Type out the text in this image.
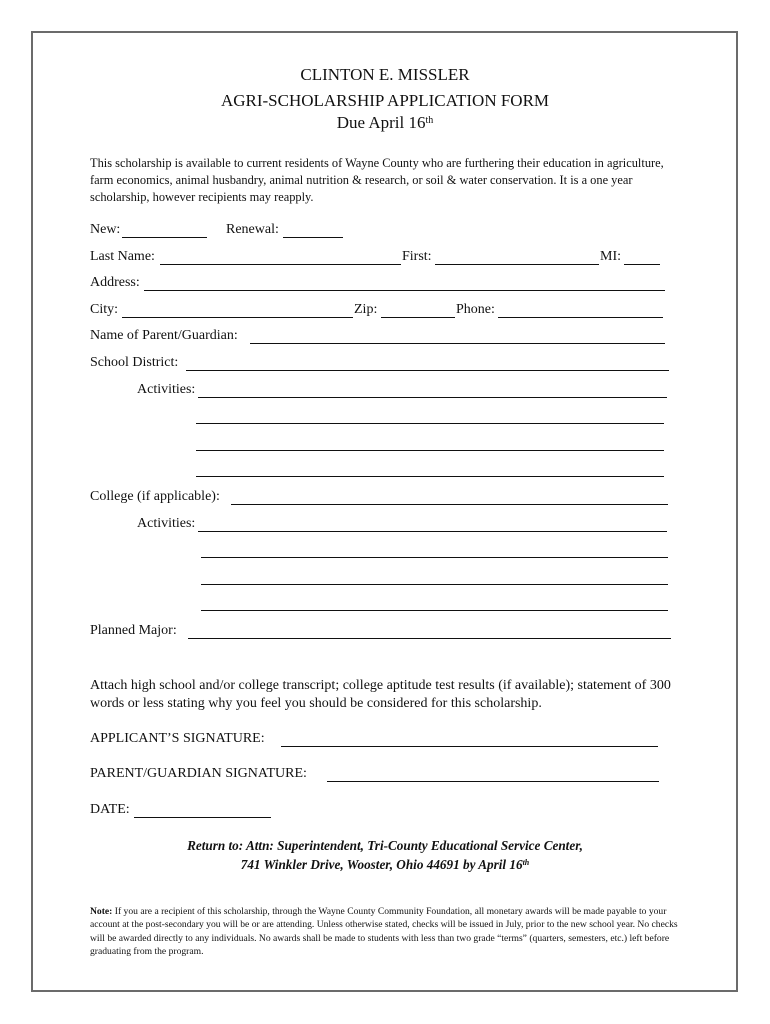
CLINTON E. MISSLER
AGRI-SCHOLARSHIP APPLICATION FORM
Due April 16th
This scholarship is available to current residents of Wayne County who are furthering their education in agriculture, farm economics, animal husbandry, animal nutrition & research, or soil & water conservation. It is a one year scholarship, however recipients may reapply.
New:	Renewal:
Last Name:	First:	MI:
Address:
City:	Zip:	Phone:
Name of Parent/Guardian:
School District:
Activities:
College (if applicable):
Activities:
Planned Major:
Attach high school and/or college transcript; college aptitude test results (if available); statement of 300 words or less stating why you feel you should be considered for this scholarship.
APPLICANT’S SIGNATURE:
PARENT/GUARDIAN SIGNATURE:
DATE:
Return to: Attn: Superintendent, Tri-County Educational Service Center,
741 Winkler Drive, Wooster, Ohio 44691 by April 16th
Note: If you are a recipient of this scholarship, through the Wayne County Community Foundation, all monetary awards will be made payable to your account at the post-secondary you will be or are attending. Unless otherwise stated, checks will be issued in July, prior to the new school year. No checks will be awarded directly to any individuals. No awards shall be made to students with less than two grade “terms” (quarters, semesters, etc.) left before graduating from the program.
